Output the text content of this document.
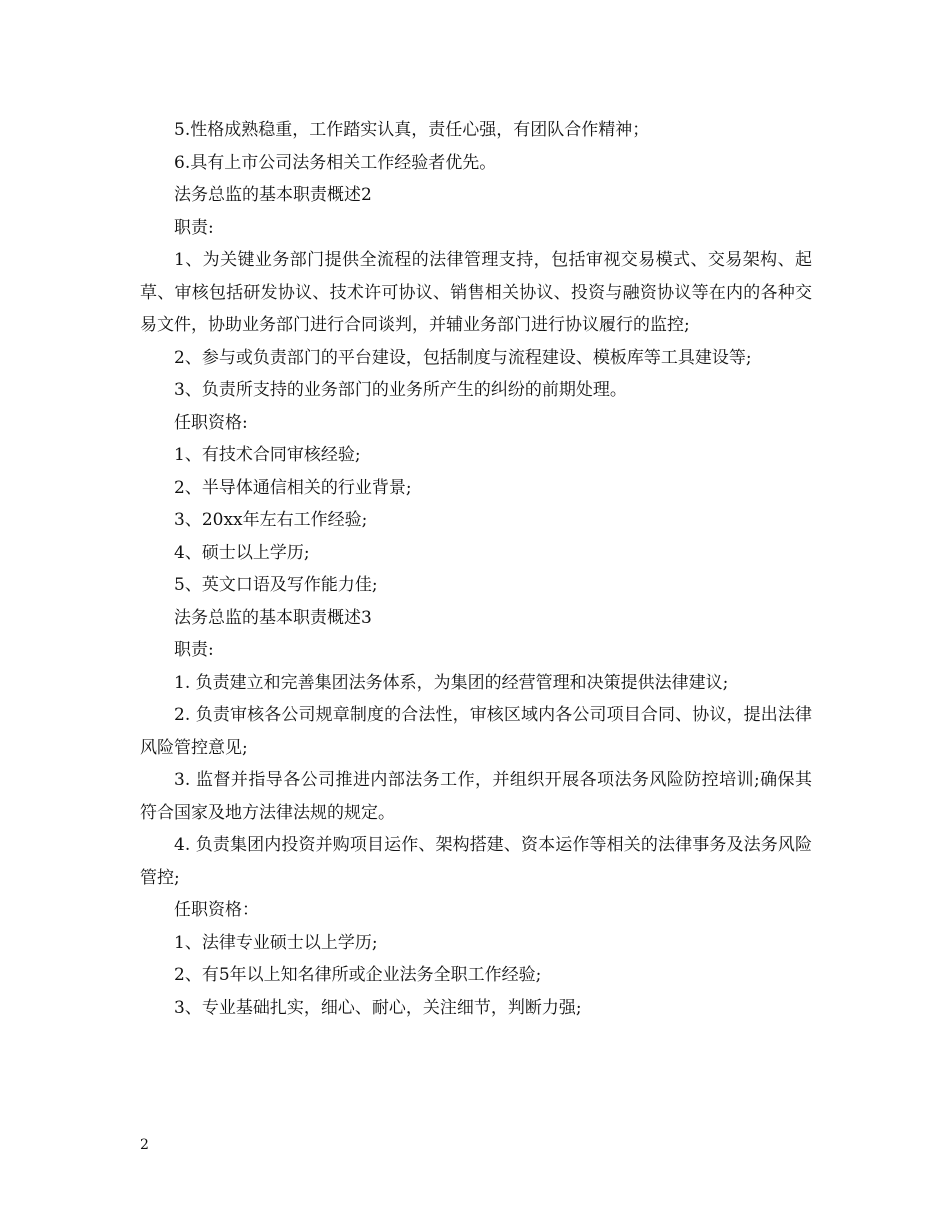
5.性格成熟稳重，工作踏实认真，责任心强，有团队合作精神；

6.具有上市公司法务相关工作经验者优先。

法务总监的基本职责概述2

职责:

1、为关键业务部门提供全流程的法律管理支持，包括审视交易模式、交易架构、起草、审核包括研发协议、技术许可协议、销售相关协议、投资与融资协议等在内的各种交易文件，协助业务部门进行合同谈判，并辅业务部门进行协议履行的监控;

2、参与或负责部门的平台建设，包括制度与流程建设、模板库等工具建设等;

3、负责所支持的业务部门的业务所产生的纠纷的前期处理。

任职资格:

1、有技术合同审核经验;

2、半导体通信相关的行业背景;

3、20xx年左右工作经验;

4、硕士以上学历;

5、英文口语及写作能力佳;

法务总监的基本职责概述3

职责:

1. 负责建立和完善集团法务体系，为集团的经营管理和决策提供法律建议;

2. 负责审核各公司规章制度的合法性，审核区域内各公司项目合同、协议，提出法律风险管控意见;

3. 监督并指导各公司推进内部法务工作，并组织开展各项法务风险防控培训;确保其符合国家及地方法律法规的规定。

4. 负责集团内投资并购项目运作、架构搭建、资本运作等相关的法律事务及法务风险管控;

任职资格：

1、法律专业硕士以上学历;

2、有5年以上知名律所或企业法务全职工作经验;

3、专业基础扎实，细心、耐心，关注细节，判断力强;

2
